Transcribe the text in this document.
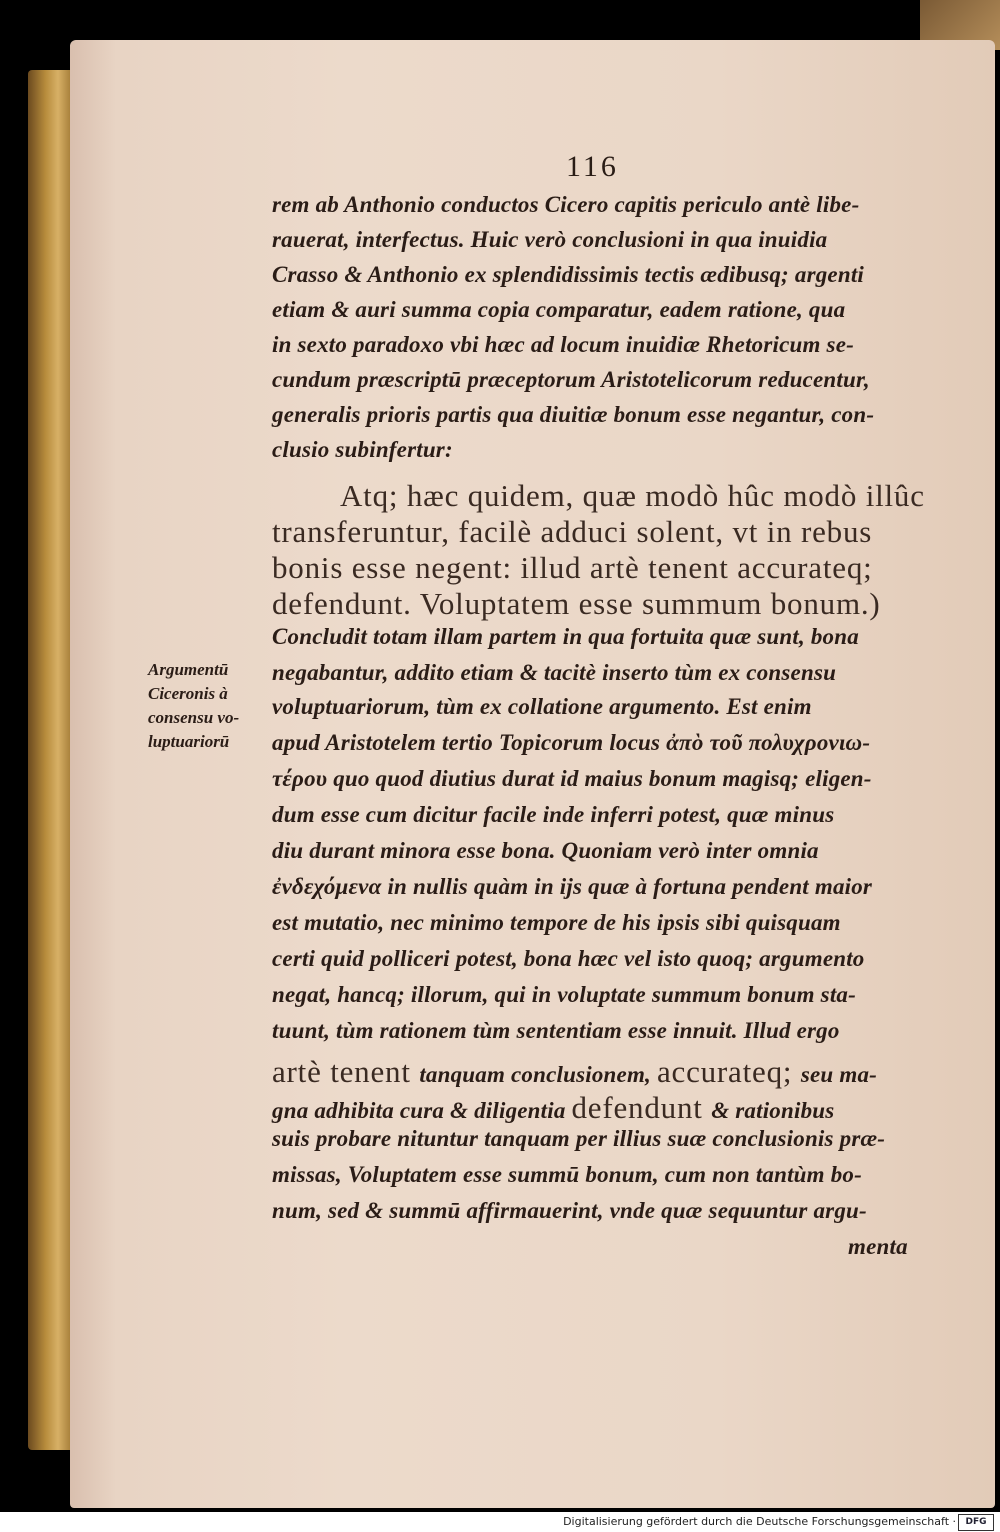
116
rem ab Anthonio conductos Cicero capitis periculo antè libe-
rauerat, interfectus. Huic verò conclusioni in qua inuidia
Crasso & Anthonio ex splendidissimis tectis ædibusq; argenti
etiam & auri summa copia comparatur, eadem ratione, qua
in sexto paradoxo vbi hæc ad locum inuidiæ Rhetoricum se-
cundum præscriptū præceptorum Aristotelicorum reducentur,
generalis prioris partis qua diuitiæ bonum esse negantur, con-
clusio subinfertur:
Atq; hæc quidem, quæ modò hûc modò illûc
transferuntur, facilè adduci solent, vt in rebus
bonis esse negent: illud artè tenent accurateq;
defendunt. Voluptatem esse summum bonum.)
Concludit totam illam partem in qua fortuita quæ sunt, bona
negabantur, addito etiam & tacitè inserto tùm ex consensu
voluptuariorum, tùm ex collatione argumento. Est enim
apud Aristotelem tertio Topicorum locus ἀπὸ τοῦ πολυχρονιω-
τέρου quo quod diutius durat id maius bonum magisq; eligen-
dum esse cum dicitur facile inde inferri potest, quæ minus
diu durant minora esse bona. Quoniam verò inter omnia
ἐνδεχόμενα in nullis quàm in ijs quæ à fortuna pendent maior
est mutatio, nec minimo tempore de his ipsis sibi quisquam
certi quid polliceri potest, bona hæc vel isto quoq; argumento
negat, hancq; illorum, qui in voluptate summum bonum sta-
tuunt, tùm rationem tùm sententiam esse innuit. Illud ergo
artè tenent tanquam conclusionem, accurateq; seu ma-
gna adhibita cura & diligentia defendunt & rationibus
suis probare nituntur tanquam per illius suæ conclusionis præ-
missas, Voluptatem esse summū bonum, cum non tantùm bo-
num, sed & summū affirmauerint, vnde quæ sequuntur argu-
menta
Argumentū
Ciceronis à
consensu vo-
luptuariorū
Digitalisierung gefördert durch die Deutsche Forschungsgemeinschaft ·	DFG
